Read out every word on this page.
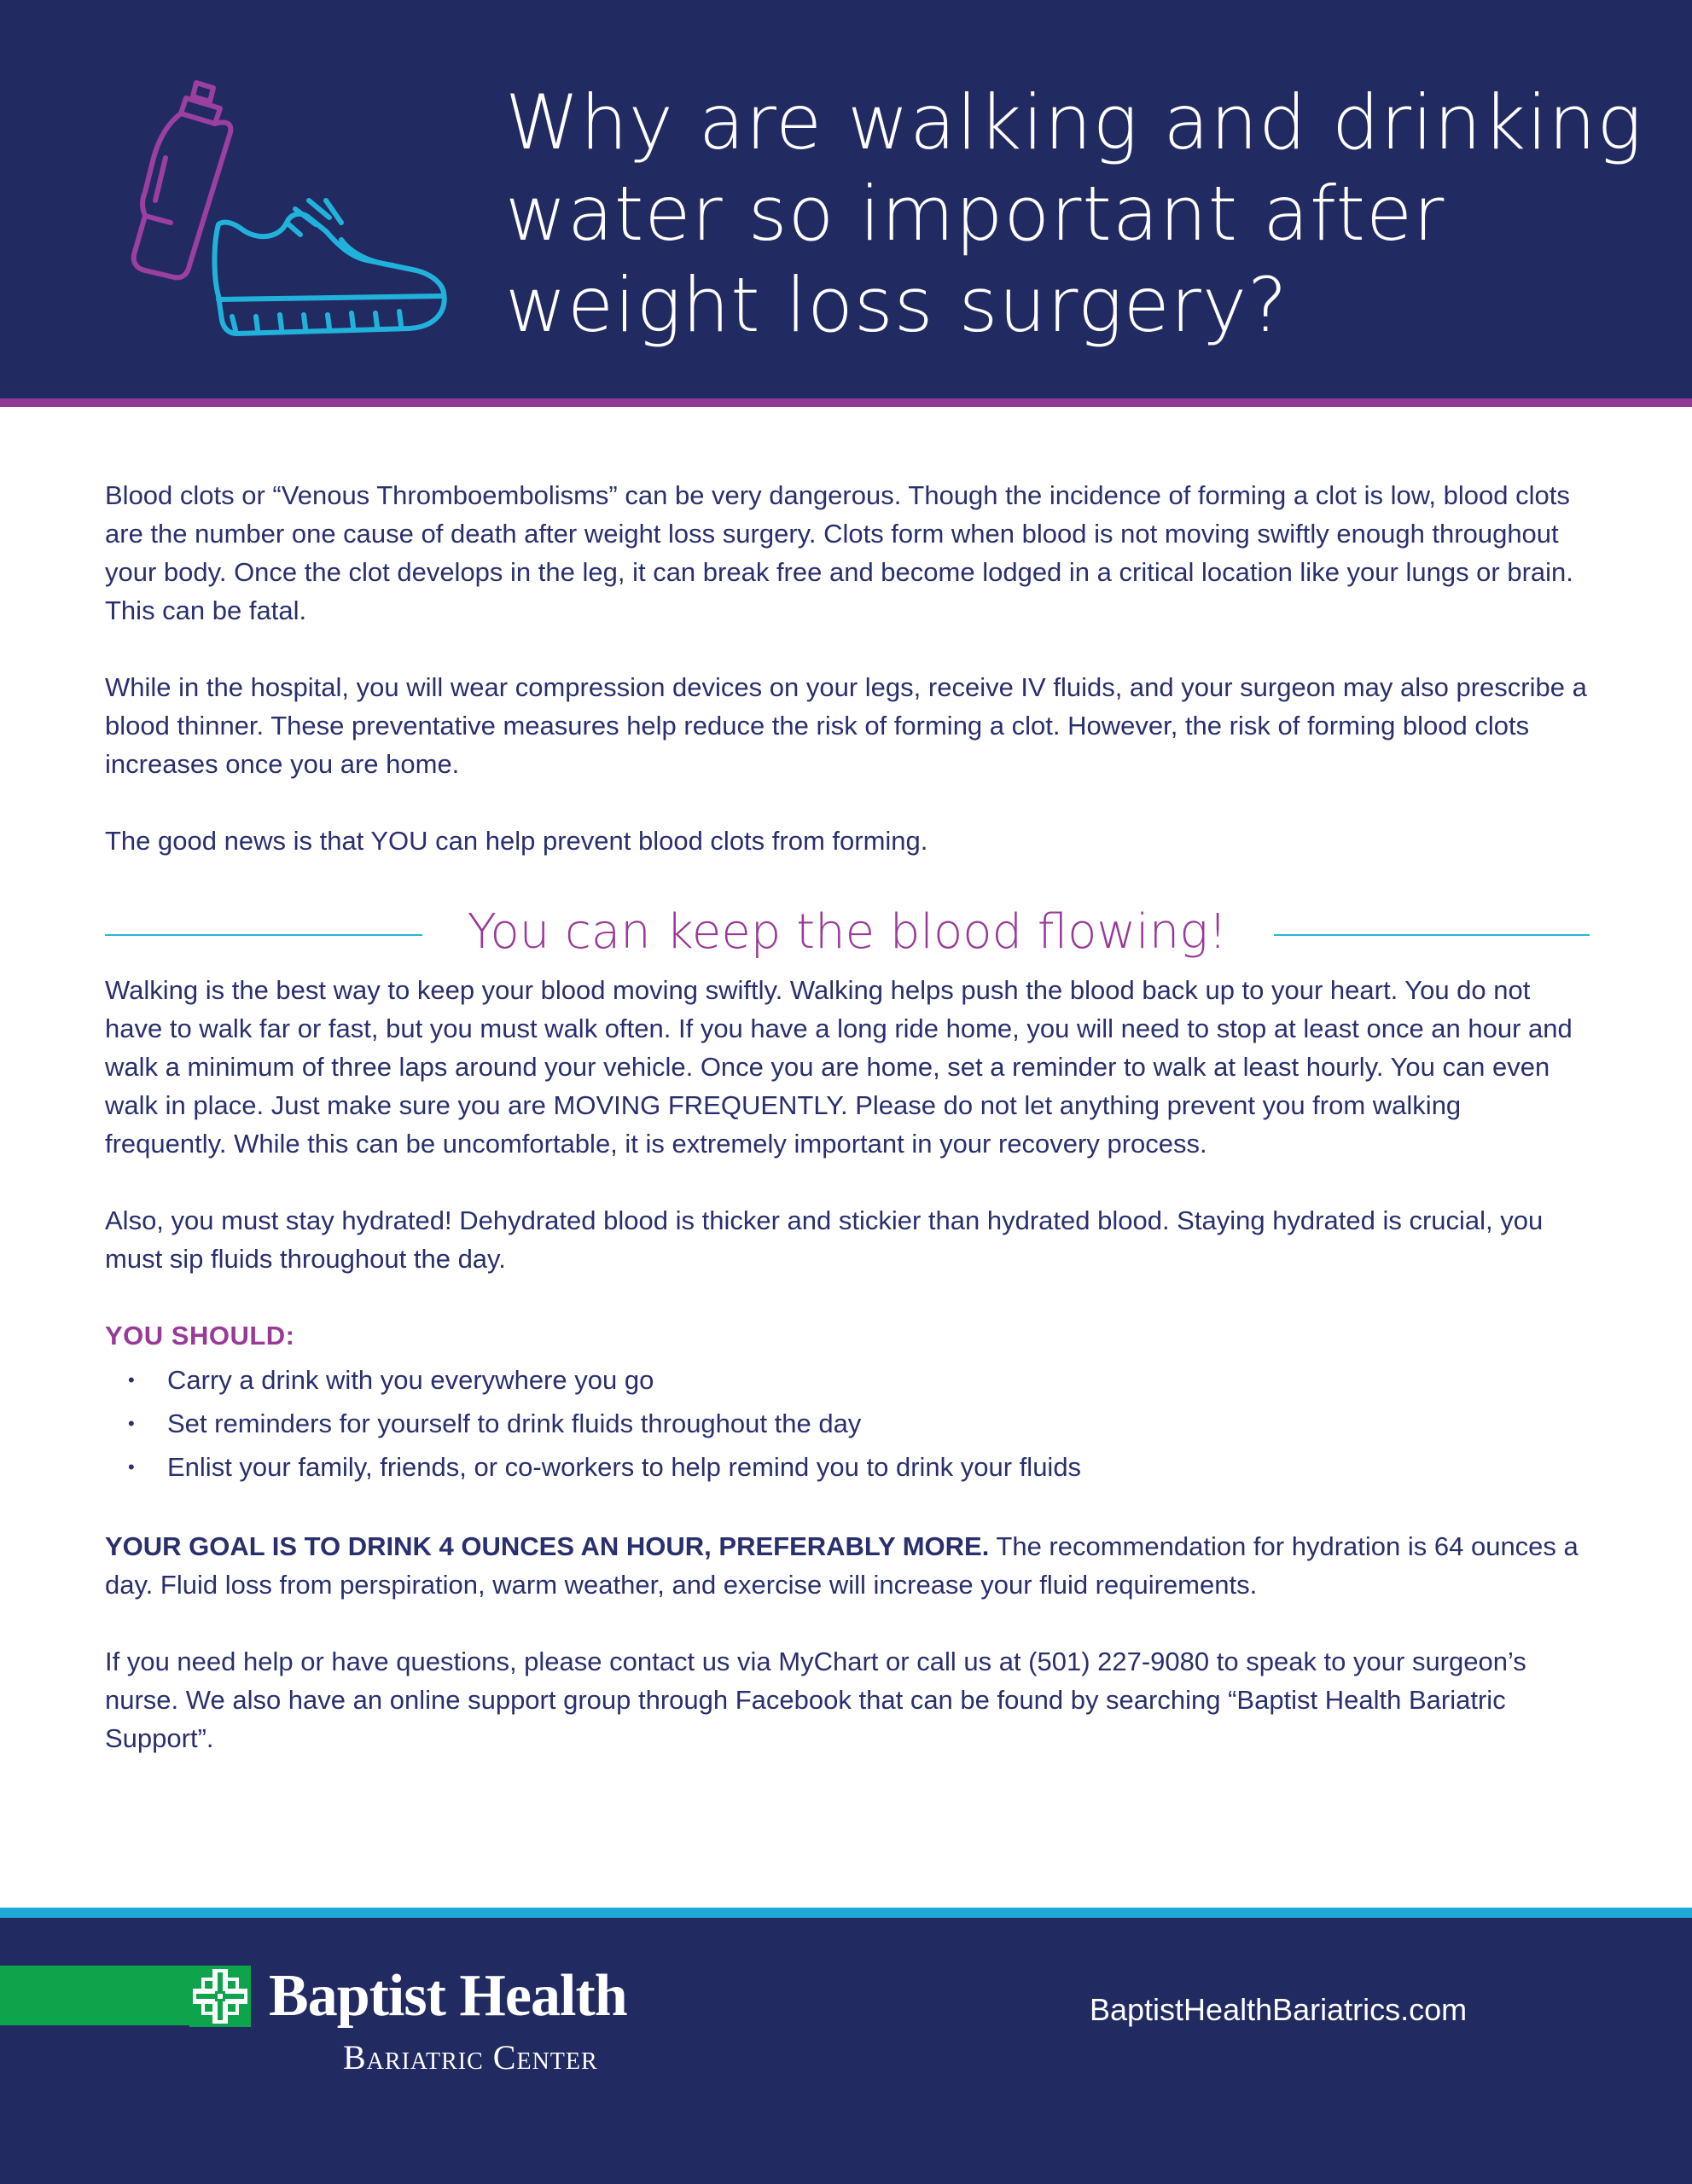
Why are walking and drinking water so important after weight loss surgery?

Blood clots or “Venous Thromboembolisms” can be very dangerous. Though the incidence of forming a clot is low, blood clots are the number one cause of death after weight loss surgery. Clots form when blood is not moving swiftly enough throughout your body. Once the clot develops in the leg, it can break free and become lodged in a critical location like your lungs or brain. This can be fatal.

While in the hospital, you will wear compression devices on your legs, receive IV fluids, and your surgeon may also prescribe a blood thinner. These preventative measures help reduce the risk of forming a clot. However, the risk of forming blood clots increases once you are home.

The good news is that YOU can help prevent blood clots from forming.

You can keep the blood flowing!

Walking is the best way to keep your blood moving swiftly. Walking helps push the blood back up to your heart. You do not have to walk far or fast, but you must walk often. If you have a long ride home, you will need to stop at least once an hour and walk a minimum of three laps around your vehicle. Once you are home, set a reminder to walk at least hourly. You can even walk in place. Just make sure you are MOVING FREQUENTLY. Please do not let anything prevent you from walking frequently. While this can be uncomfortable, it is extremely important in your recovery process.

Also, you must stay hydrated! Dehydrated blood is thicker and stickier than hydrated blood. Staying hydrated is crucial, you must sip fluids throughout the day.

YOU SHOULD:

• Carry a drink with you everywhere you go
• Set reminders for yourself to drink fluids throughout the day
• Enlist your family, friends, or co-workers to help remind you to drink your fluids

YOUR GOAL IS TO DRINK 4 OUNCES AN HOUR, PREFERABLY MORE. The recommendation for hydration is 64 ounces a day. Fluid loss from perspiration, warm weather, and exercise will increase your fluid requirements.

If you need help or have questions, please contact us via MyChart or call us at (501) 227-9080 to speak to your surgeon’s nurse. We also have an online support group through Facebook that can be found by searching “Baptist Health Bariatric Support”.

Baptist Health
Bariatric Center
BaptistHealthBariatrics.com
